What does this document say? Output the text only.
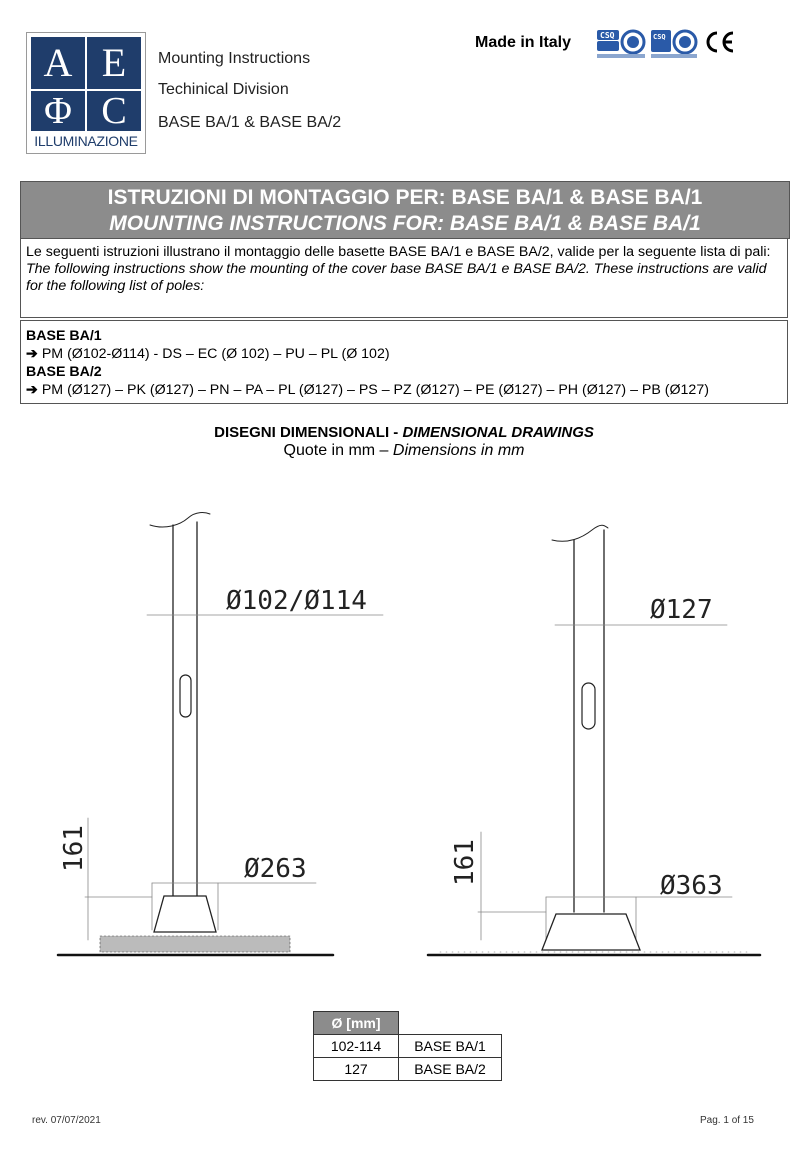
A E
Φ C
ILLUMINAZIONE
Mounting Instructions
Techinical Division
BASE BA/1 & BASE BA/2
Made in Italy	CSQ	CSQ
ISTRUZIONI DI MONTAGGIO PER: BASE BA/1 & BASE BA/1
MOUNTING INSTRUCTIONS FOR: BASE BA/1 & BASE BA/1
Le seguenti istruzioni illustrano il montaggio delle basette BASE BA/1 e BASE BA/2, valide per la seguente lista di pali:
The following instructions show the mounting of the cover base BASE BA/1 e BASE BA/2. These instructions are valid for the following list of poles:
BASE BA/1
➔ PM (Ø102-Ø114) - DS – EC (Ø 102) – PU – PL (Ø 102)
BASE BA/2
➔ PM (Ø127) – PK (Ø127) – PN – PA – PL (Ø127) – PS – PZ (Ø127) – PE (Ø127) – PH (Ø127) – PB (Ø127)
DISEGNI DIMENSIONALI - DIMENSIONAL DRAWINGS
Quote in mm – Dimensions in mm
Ø102/Ø114
161	Ø263
Ø127
161	Ø363
Ø [mm]	
102-114	BASE BA/1
127	BASE BA/2
rev. 07/07/2021	Pag. 1 of 15
